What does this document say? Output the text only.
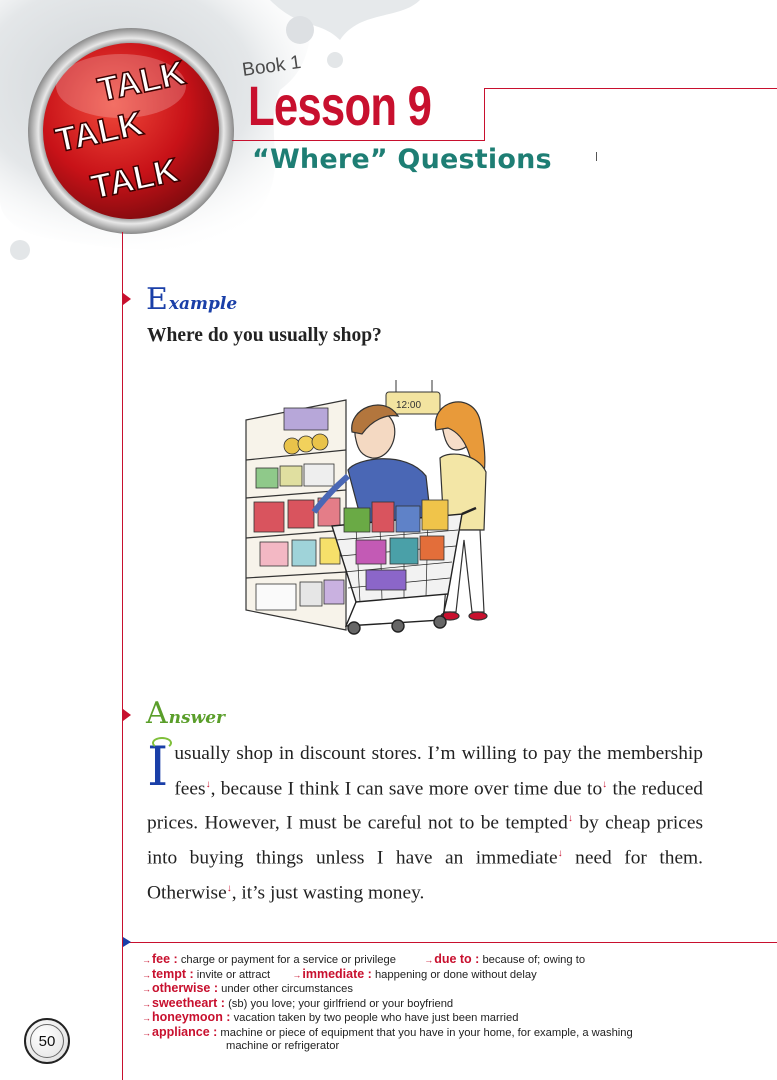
TALK
TALK
TALK
Book 1
Lesson 9
“Where” Questions
Example
Where do you usually shop?
12:00
Answer
Iusually shop in discount stores. I’m willing to pay the membership fees↓, because I think I can save more over time due to↓ the reduced prices. However, I must be careful not to be tempted↓ by cheap prices into buying things unless I have an immediate↓ need for them. Otherwise↓, it’s just wasting money.
→fee : charge or payment for a service or privilege	→due to : because of; owing to
→tempt : invite or attract →immediate : happening or done without delay
→otherwise : under other circumstances
→sweetheart : (sb) you love; your girlfriend or your boyfriend
→honeymoon : vacation taken by two people who have just been married
→appliance : machine or piece of equipment that you have in your home, for example, a washing
machine or refrigerator
50
